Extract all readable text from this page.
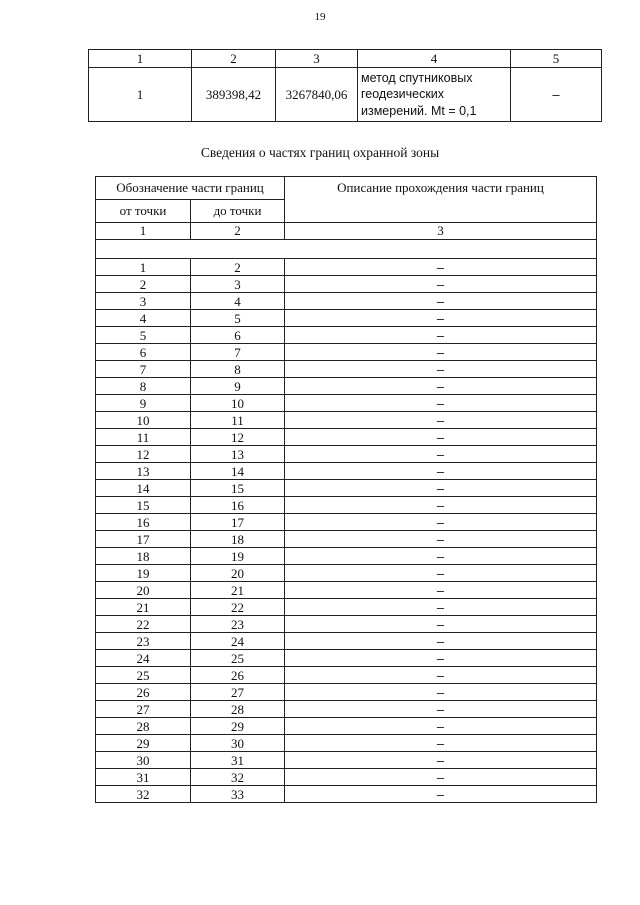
19
1	2	3	4	5
1	389398,42	3267840,06	метод спутниковых
геодезических
измерений. Mt = 0,1	–
Сведения о частях границ охранной зоны
Обозначение части границ		Описание прохождения части границ
от точки	до точки	
1	2	3

1	2	–
2	3	–
3	4	–
4	5	–
5	6	–
6	7	–
7	8	–
8	9	–
9	10	–
10	11	–
11	12	–
12	13	–
13	14	–
14	15	–
15	16	–
16	17	–
17	18	–
18	19	–
19	20	–
20	21	–
21	22	–
22	23	–
23	24	–
24	25	–
25	26	–
26	27	–
27	28	–
28	29	–
29	30	–
30	31	–
31	32	–
32	33	–
